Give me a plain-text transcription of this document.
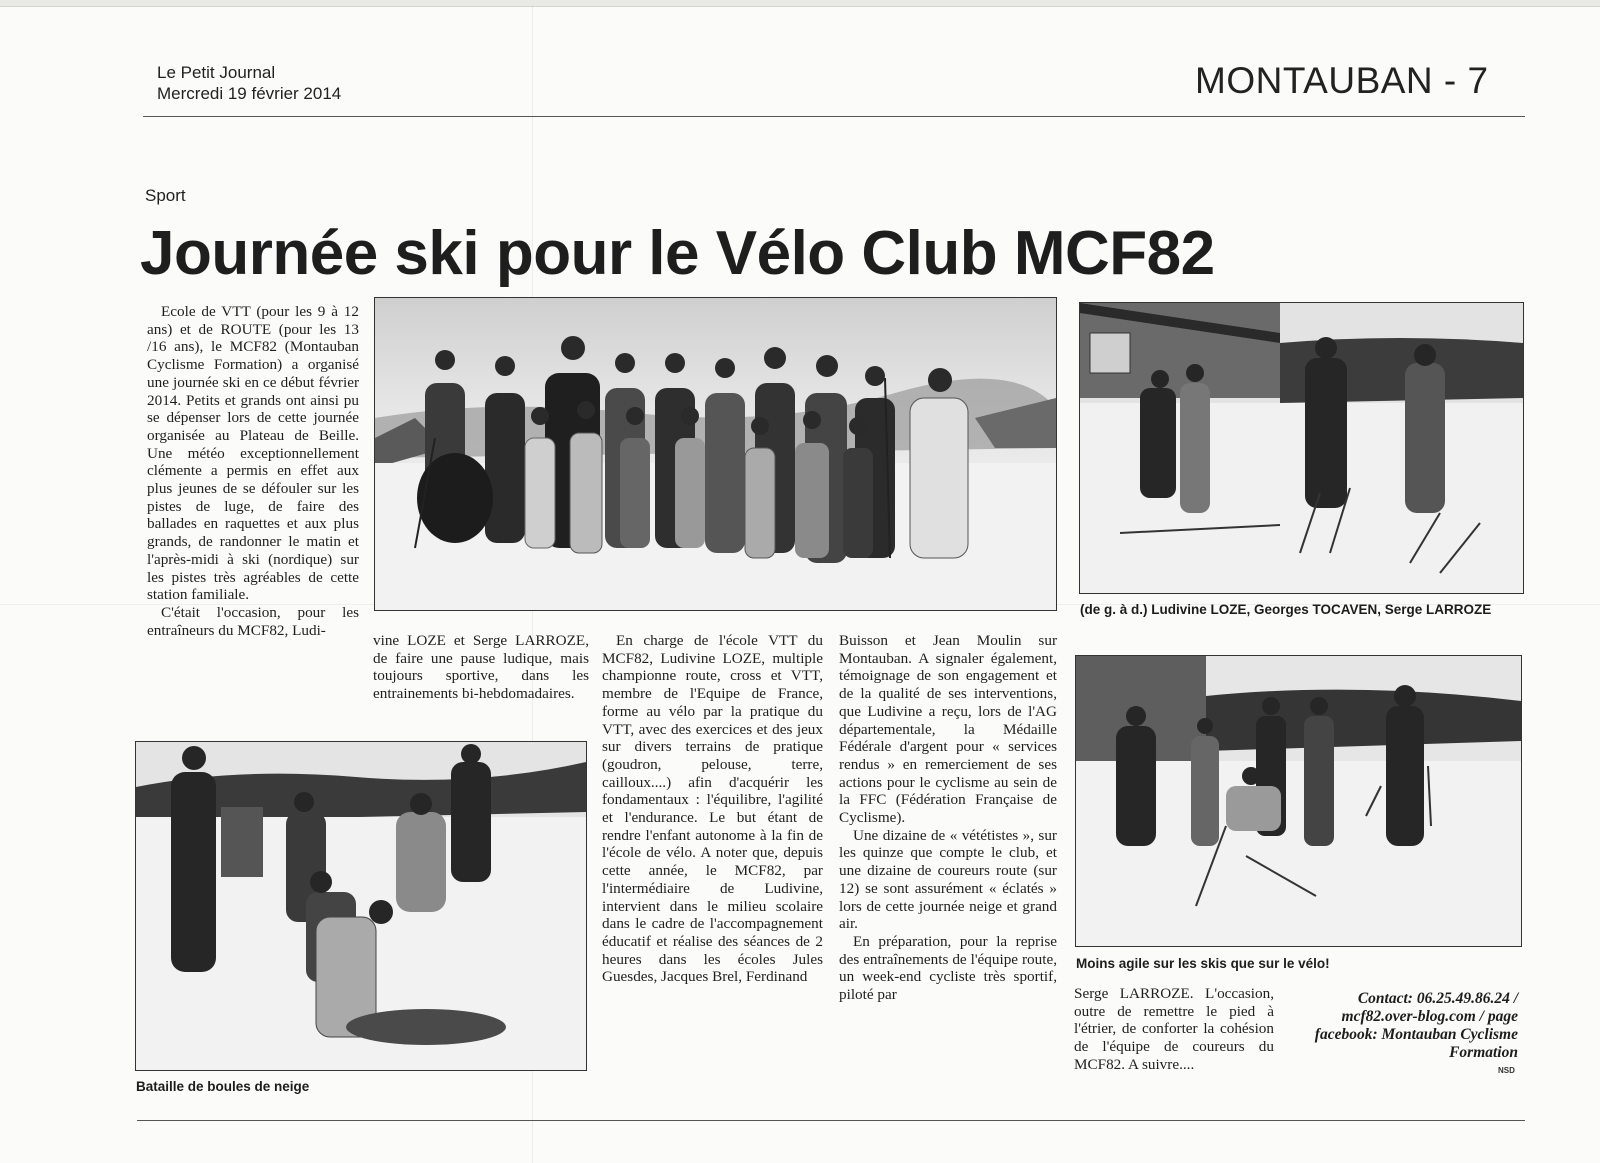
Le Petit Journal
Mercredi 19 février 2014	MONTAUBAN - 7
Sport
Journée ski pour le Vélo Club MCF82

Ecole de VTT (pour les 9 à 12 ans) et de ROUTE (pour les 13 /16 ans), le MCF82 (Montauban Cyclisme Formation) a organisé une journée ski en ce début février 2014. Petits et grands ont ainsi pu se dépenser lors de cette journée organisée au Plateau de Beille. Une météo exceptionnellement clémente a permis en effet aux plus jeunes de se défouler sur les pistes de luge, de faire des ballades en raquettes et aux plus grands, de randonner le matin et l'après-midi à ski (nordique) sur les pistes très agréables de cette station familiale.

C'était l'occasion, pour les entraîneurs du MCF82, Ludi-

(de g. à d.) Ludivine LOZE, Georges TOCAVEN, Serge LARROZE

vine LOZE et Serge LARROZE, de faire une pause ludique, mais toujours sportive, dans les entrainements bi-hebdomadaires.

En charge de l'école VTT du MCF82, Ludivine LOZE, multiple championne route, cross et VTT, membre de l'Equipe de France, forme au vélo par la pratique du VTT, avec des exercices et des jeux sur divers terrains de pratique (goudron, pelouse, terre, cailloux....) afin d'acquérir les fondamentaux : l'équilibre, l'agilité et l'endurance. Le but étant de rendre l'enfant autonome à la fin de l'école de vélo. A noter que, depuis cette année, le MCF82, par l'intermédiaire de Ludivine, intervient dans le milieu scolaire dans le cadre de l'accompagnement éducatif et réalise des séances de 2 heures dans les écoles Jules Guesdes, Jacques Brel, Ferdinand

Buisson et Jean Moulin sur Montauban. A signaler également, témoignage de son engagement et de la qualité de ses interventions, que Ludivine a reçu, lors de l'AG départementale, la Médaille Fédérale d'argent pour « services rendus » en remerciement de ses actions pour le cyclisme au sein de la FFC (Fédération Française de Cyclisme).

Une dizaine de « vététistes », sur les quinze que compte le club, et une dizaine de coureurs route (sur 12) se sont assurément « éclatés » lors de cette journée neige et grand air.

En préparation, pour la reprise des entraînements de l'équipe route, un week-end cycliste très sportif, piloté par

Moins agile sur les skis que sur le vélo!

Serge LARROZE. L'occasion, outre de remettre le pied à l'étrier, de conforter la cohésion de l'équipe de coureurs du MCF82. A suivre....

Contact: 06.25.49.86.24 / mcf82.over-blog.com / page facebook: Montauban Cyclisme Formation
NSD
Bataille de boules de neige
